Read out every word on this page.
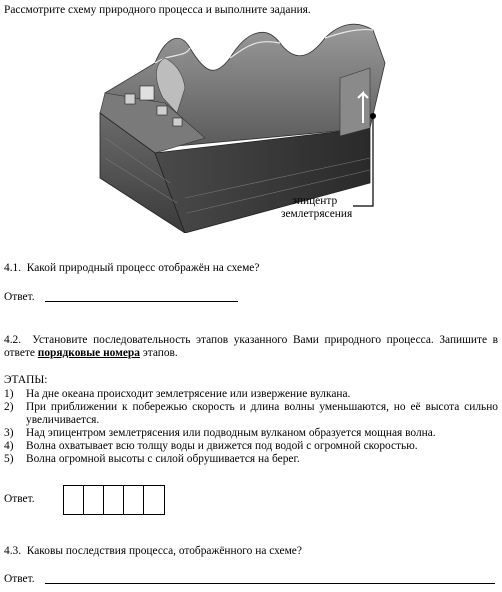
Рассмотрите схему природного процесса и выполните задания.
эпицентр
землетрясения
4.1. Какой природный процесс отображён на схеме?
Ответ.
4.2. Установите последовательность этапов указанного Вами природного процесса. Запишите в ответе порядковые номера этапов.
ЭТАПЫ:
1) На дне океана происходит землетрясение или извержение вулкана.
2) При приближении к побережью скорость и длина волны уменьшаются, но её высота сильно увеличивается.
3) Над эпицентром землетрясения или подводным вулканом образуется мощная волна.
4) Волна охватывает всю толщу воды и движется под водой с огромной скоростью.
5) Волна огромной высоты с силой обрушивается на берег.
Ответ.
4.3. Каковы последствия процесса, отображённого на схеме?
Ответ.
